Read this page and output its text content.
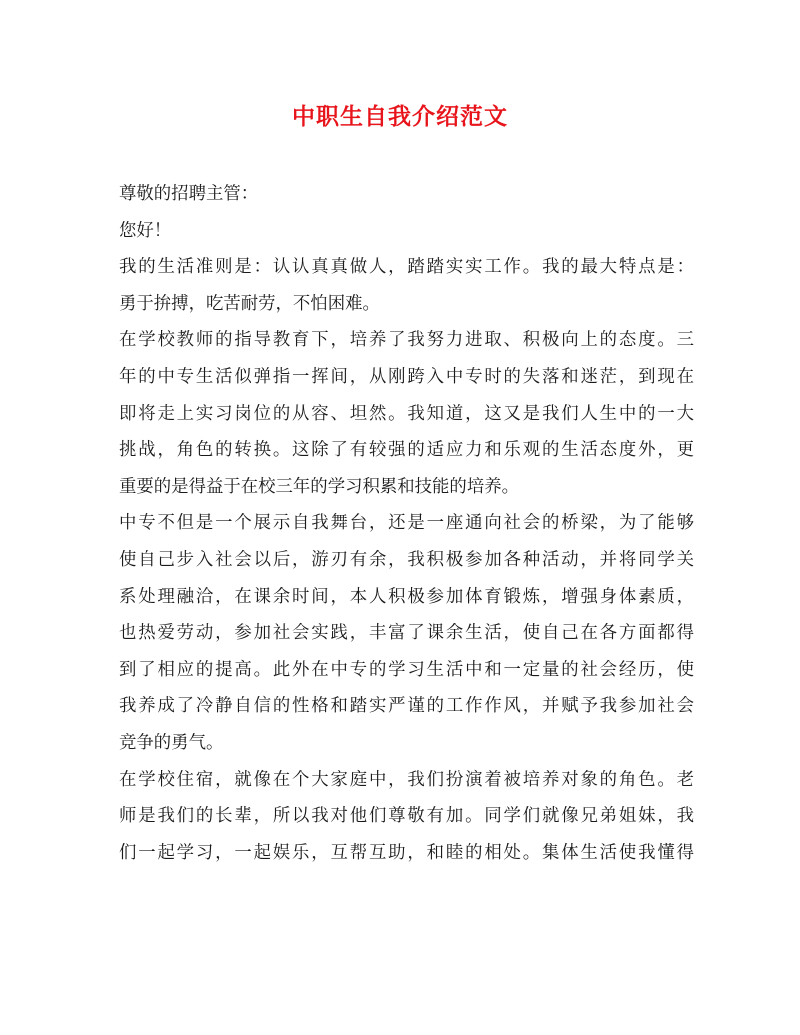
中职生自我介绍范文
尊敬的招聘主管：
您好！
我的生活准则是：认认真真做人，踏踏实实工作。我的最大特点是：
勇于拚搏，吃苦耐劳，不怕困难。
在学校教师的指导教育下，培养了我努力进取、积极向上的态度。三
年的中专生活似弹指一挥间，从刚跨入中专时的失落和迷茫，到现在
即将走上实习岗位的从容、坦然。我知道，这又是我们人生中的一大
挑战，角色的转换。这除了有较强的适应力和乐观的生活态度外，更
重要的是得益于在校三年的学习积累和技能的培养。
中专不但是一个展示自我舞台，还是一座通向社会的桥梁，为了能够
使自己步入社会以后，游刃有余，我积极参加各种活动，并将同学关
系处理融洽，在课余时间，本人积极参加体育锻炼，增强身体素质，
也热爱劳动，参加社会实践，丰富了课余生活，使自己在各方面都得
到了相应的提高。此外在中专的学习生活中和一定量的社会经历，使
我养成了冷静自信的性格和踏实严谨的工作作风，并赋予我参加社会
竞争的勇气。
在学校住宿，就像在个大家庭中，我们扮演着被培养对象的角色。老
师是我们的长辈，所以我对他们尊敬有加。同学们就像兄弟姐妹，我
们一起学习，一起娱乐，互帮互助，和睦的相处。集体生活使我懂得
